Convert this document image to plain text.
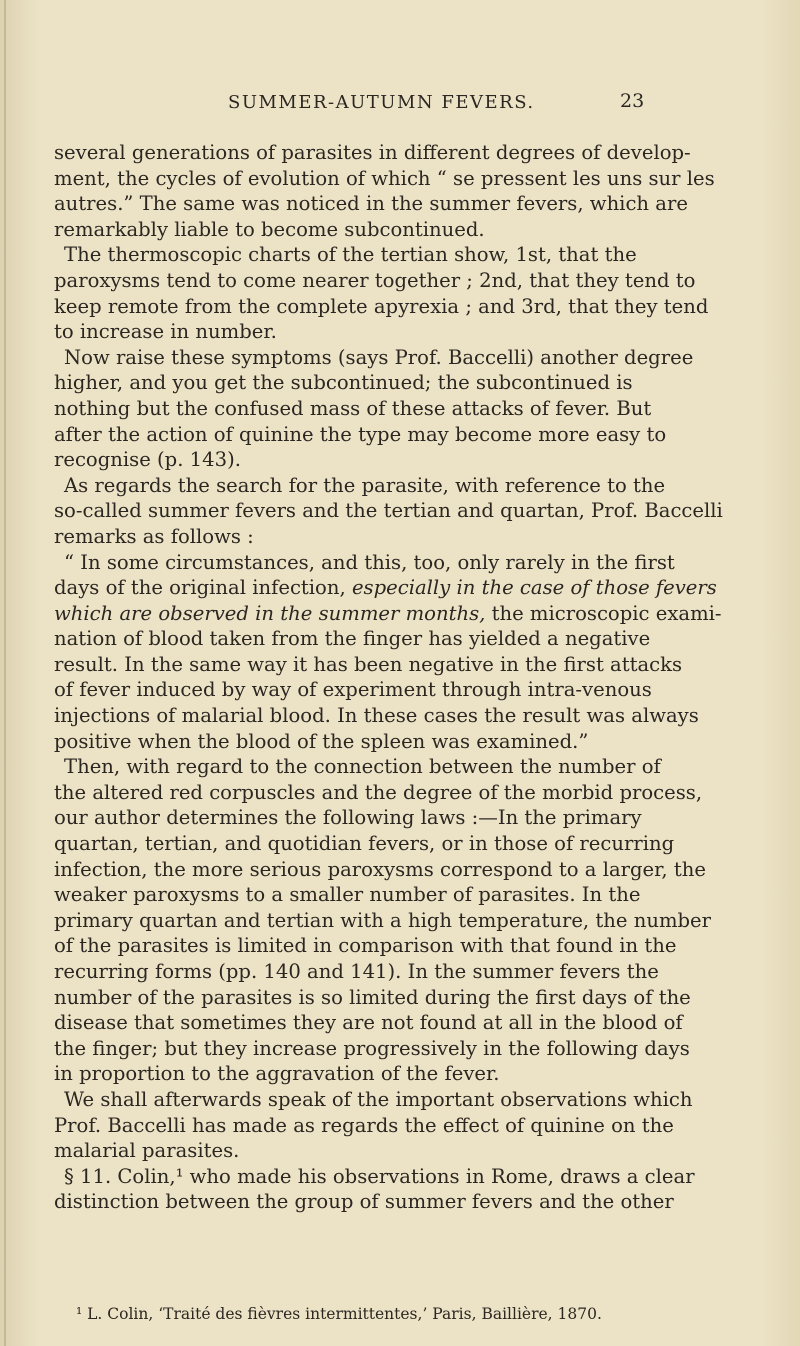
SUMMER-AUTUMN FEVERS.	23
several generations of parasites in different degrees of develop-
ment, the cycles of evolution of which “ se pressent les uns sur les
autres.” The same was noticed in the summer fevers, which are
remarkably liable to become subcontinued.
The thermoscopic charts of the tertian show, 1st, that the
paroxysms tend to come nearer together ; 2nd, that they tend to
keep remote from the complete apyrexia ; and 3rd, that they tend
to increase in number.
Now raise these symptoms (says Prof. Baccelli) another degree
higher, and you get the subcontinued; the subcontinued is
nothing but the confused mass of these attacks of fever. But
after the action of quinine the type may become more easy to
recognise (p. 143).
As regards the search for the parasite, with reference to the
so-called summer fevers and the tertian and quartan, Prof. Baccelli
remarks as follows :
“ In some circumstances, and this, too, only rarely in the first
days of the original infection, especially in the case of those fevers
which are observed in the summer months, the microscopic exami-
nation of blood taken from the finger has yielded a negative
result. In the same way it has been negative in the first attacks
of fever induced by way of experiment through intra-venous
injections of malarial blood. In these cases the result was always
positive when the blood of the spleen was examined.”
Then, with regard to the connection between the number of
the altered red corpuscles and the degree of the morbid process,
our author determines the following laws :—In the primary
quartan, tertian, and quotidian fevers, or in those of recurring
infection, the more serious paroxysms correspond to a larger, the
weaker paroxysms to a smaller number of parasites. In the
primary quartan and tertian with a high temperature, the number
of the parasites is limited in comparison with that found in the
recurring forms (pp. 140 and 141). In the summer fevers the
number of the parasites is so limited during the first days of the
disease that sometimes they are not found at all in the blood of
the finger; but they increase progressively in the following days
in proportion to the aggravation of the fever.
We shall afterwards speak of the important observations which
Prof. Baccelli has made as regards the effect of quinine on the
malarial parasites.
§ 11. Colin,¹ who made his observations in Rome, draws a clear
distinction between the group of summer fevers and the other
¹ L. Colin, ‘Traité des fièvres intermittentes,’ Paris, Baillière, 1870.
